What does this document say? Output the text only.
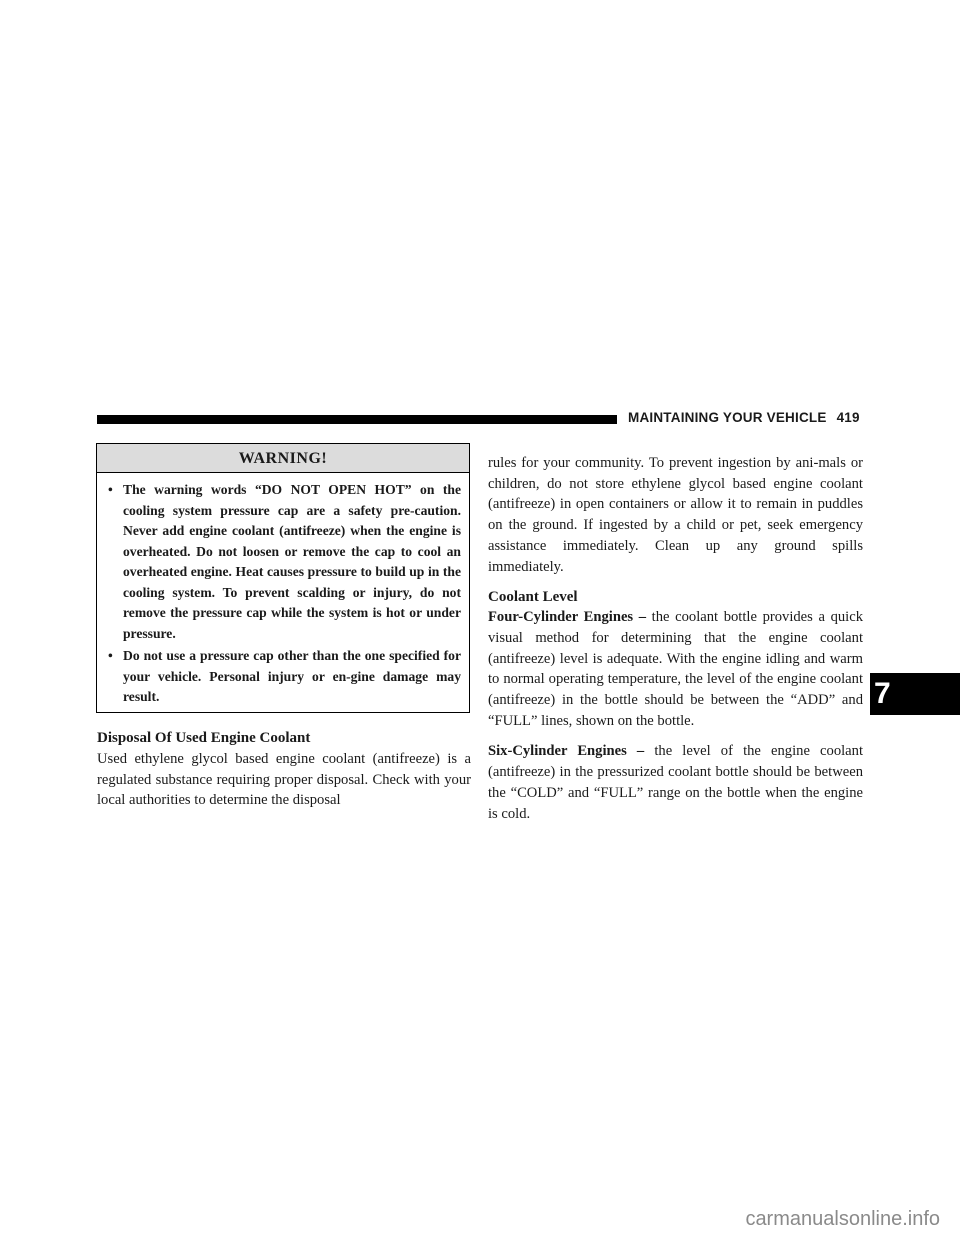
MAINTAINING YOUR VEHICLE 419
WARNING!
• The warning words “DO NOT OPEN HOT” on the cooling system pressure cap are a safety pre-caution. Never add engine coolant (antifreeze) when the engine is overheated. Do not loosen or remove the cap to cool an overheated engine. Heat causes pressure to build up in the cooling system. To prevent scalding or injury, do not remove the pressure cap while the system is hot or under pressure.
• Do not use a pressure cap other than the one specified for your vehicle. Personal injury or en-gine damage may result.

Disposal Of Used Engine Coolant

Used ethylene glycol based engine coolant (antifreeze) is a regulated substance requiring proper disposal. Check with your local authorities to determine the disposal

rules for your community. To prevent ingestion by ani-mals or children, do not store ethylene glycol based engine coolant (antifreeze) in open containers or allow it to remain in puddles on the ground. If ingested by a child or pet, seek emergency assistance immediately. Clean up any ground spills immediately.

Coolant Level

Four-Cylinder Engines – the coolant bottle provides a quick visual method for determining that the engine coolant (antifreeze) level is adequate. With the engine idling and warm to normal operating temperature, the level of the engine coolant (antifreeze) in the bottle should be between the “ADD” and “FULL” lines, shown on the bottle.

Six-Cylinder Engines – the level of the engine coolant (antifreeze) in the pressurized coolant bottle should be between the “COLD” and “FULL” range on the bottle when the engine is cold.

7
carmanualsonline.info
